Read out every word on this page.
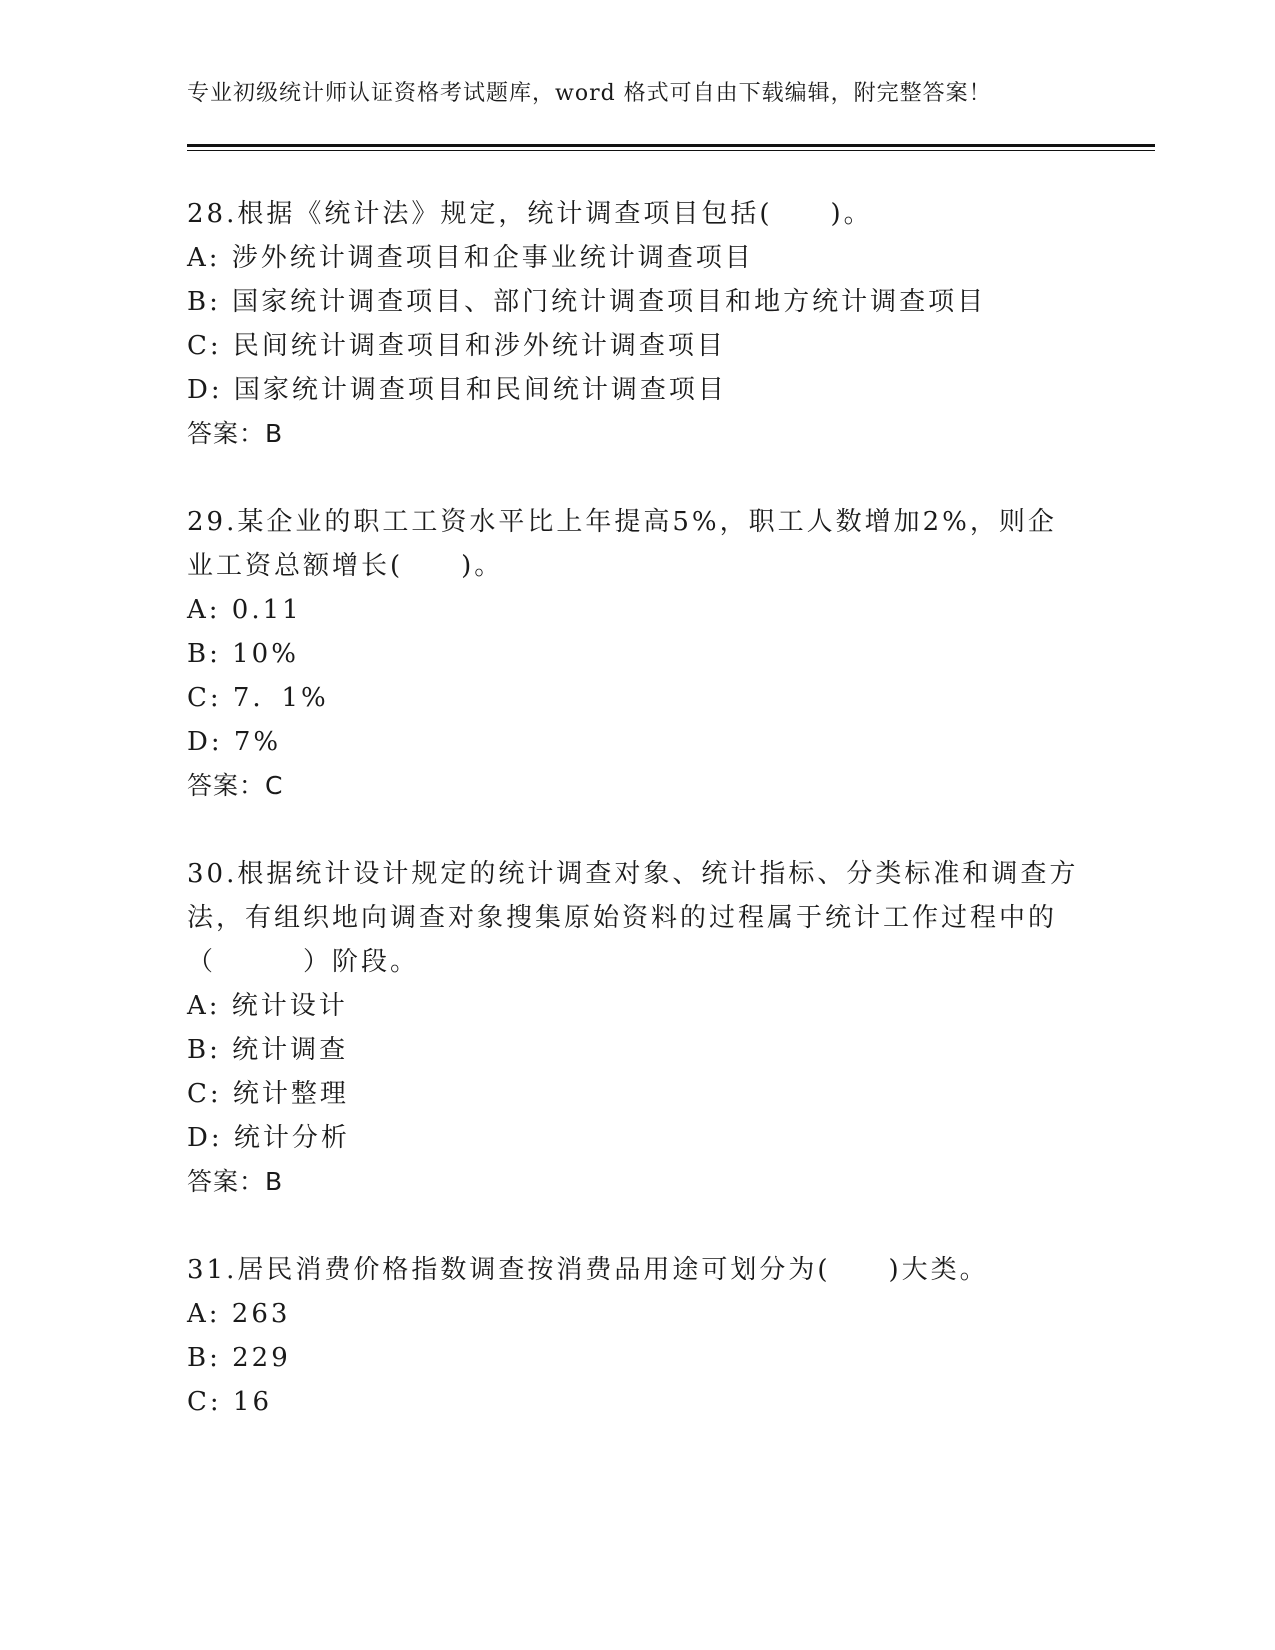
专业初级统计师认证资格考试题库，word 格式可自由下载编辑，附完整答案！
28.根据《统计法》规定，统计调查项目包括(　　)。
A: 涉外统计调查项目和企事业统计调查项目
B: 国家统计调查项目、部门统计调查项目和地方统计调查项目
C: 民间统计调查项目和涉外统计调查项目
D: 国家统计调查项目和民间统计调查项目
答案：B
29.某企业的职工工资水平比上年提高5%，职工人数增加2%，则企
业工资总额增长(　　)。
A: 0.11
B: 10%
C: 7．1%
D: 7%
答案：C
30.根据统计设计规定的统计调查对象、统计指标、分类标准和调查方
法，有组织地向调查对象搜集原始资料的过程属于统计工作过程中的
（　　　）阶段。
A: 统计设计
B: 统计调查
C: 统计整理
D: 统计分析
答案：B
31.居民消费价格指数调查按消费品用途可划分为(　　)大类。
A: 263
B: 229
C: 16
